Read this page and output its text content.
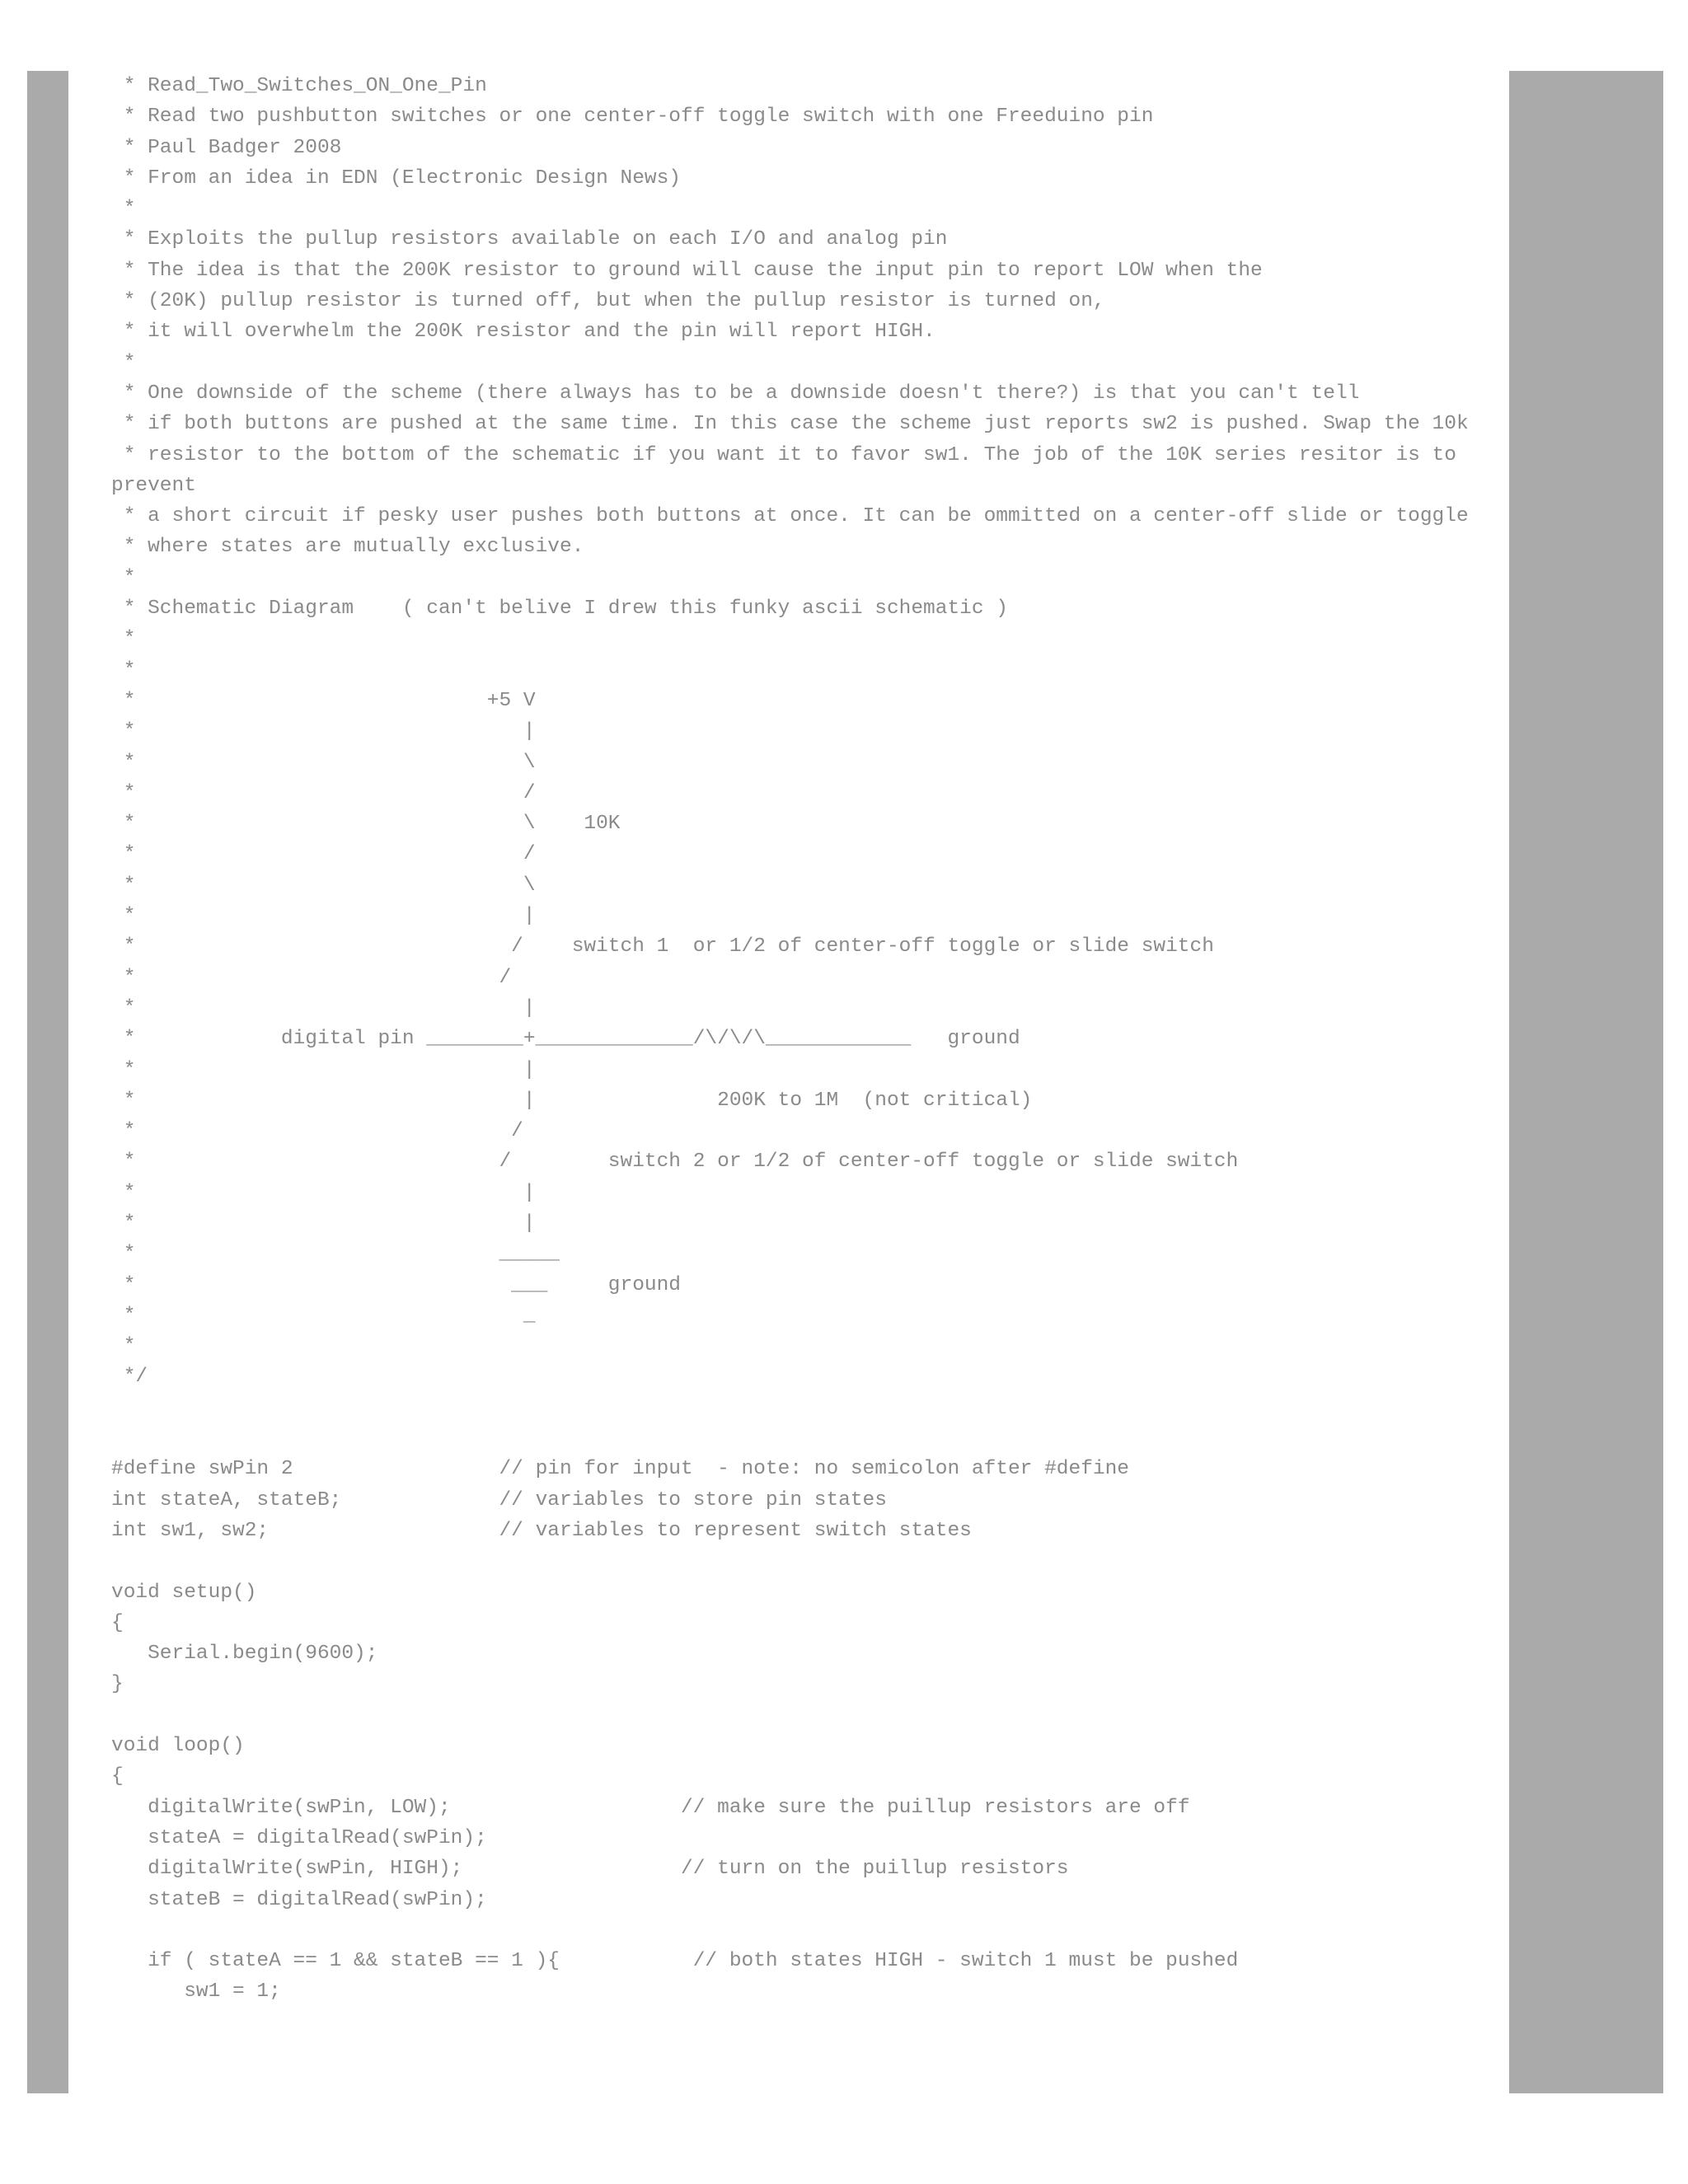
* Read_Two_Switches_ON_One_Pin
* Read two pushbutton switches or one center-off toggle switch with one Freeduino pin
* Paul Badger 2008
* From an idea in EDN (Electronic Design News)
*
* Exploits the pullup resistors available on each I/O and analog pin
* The idea is that the 200K resistor to ground will cause the input pin to report LOW when the
* (20K) pullup resistor is turned off, but when the pullup resistor is turned on,
* it will overwhelm the 200K resistor and the pin will report HIGH.
*
* One downside of the scheme (there always has to be a downside doesn't there?) is that you can't tell
* if both buttons are pushed at the same time. In this case the scheme just reports sw2 is pushed. Swap the 10k
* resistor to the bottom of the schematic if you want it to favor sw1. The job of the 10K series resitor is to prevent
* a short circuit if pesky user pushes both buttons at once. It can be ommitted on a center-off slide or toggle
* where states are mutually exclusive.
*
* Schematic Diagram    ( can't belive I drew this funky ascii schematic )
*
*
*                             +5 V
*                                |
*                                \
*                                /
*                                \    10K
*                                /
*                                \
*                                |
*                               /    switch 1  or 1/2 of center-off toggle or slide switch
*                              /
*                                |
*            digital pin ________+_____________/\/\/\____________   ground
*                                |
*                                |               200K to 1M  (not critical)
*                               /
*                              /        switch 2 or 1/2 of center-off toggle or slide switch
*                                |
*                                |
*                              _____
*                               ___     ground
*                                _
*
*/
#define swPin 2                 // pin for input  - note: no semicolon after #define
int stateA, stateB;             // variables to store pin states
int sw1, sw2;                   // variables to represent switch states
void setup()
{
Serial.begin(9600);
}
void loop()
{
digitalWrite(swPin, LOW);                   // make sure the puillup resistors are off
stateA = digitalRead(swPin);
digitalWrite(swPin, HIGH);                  // turn on the puillup resistors
stateB = digitalRead(swPin);
if ( stateA == 1 && stateB == 1 ){           // both states HIGH - switch 1 must be pushed
sw1 = 1;
